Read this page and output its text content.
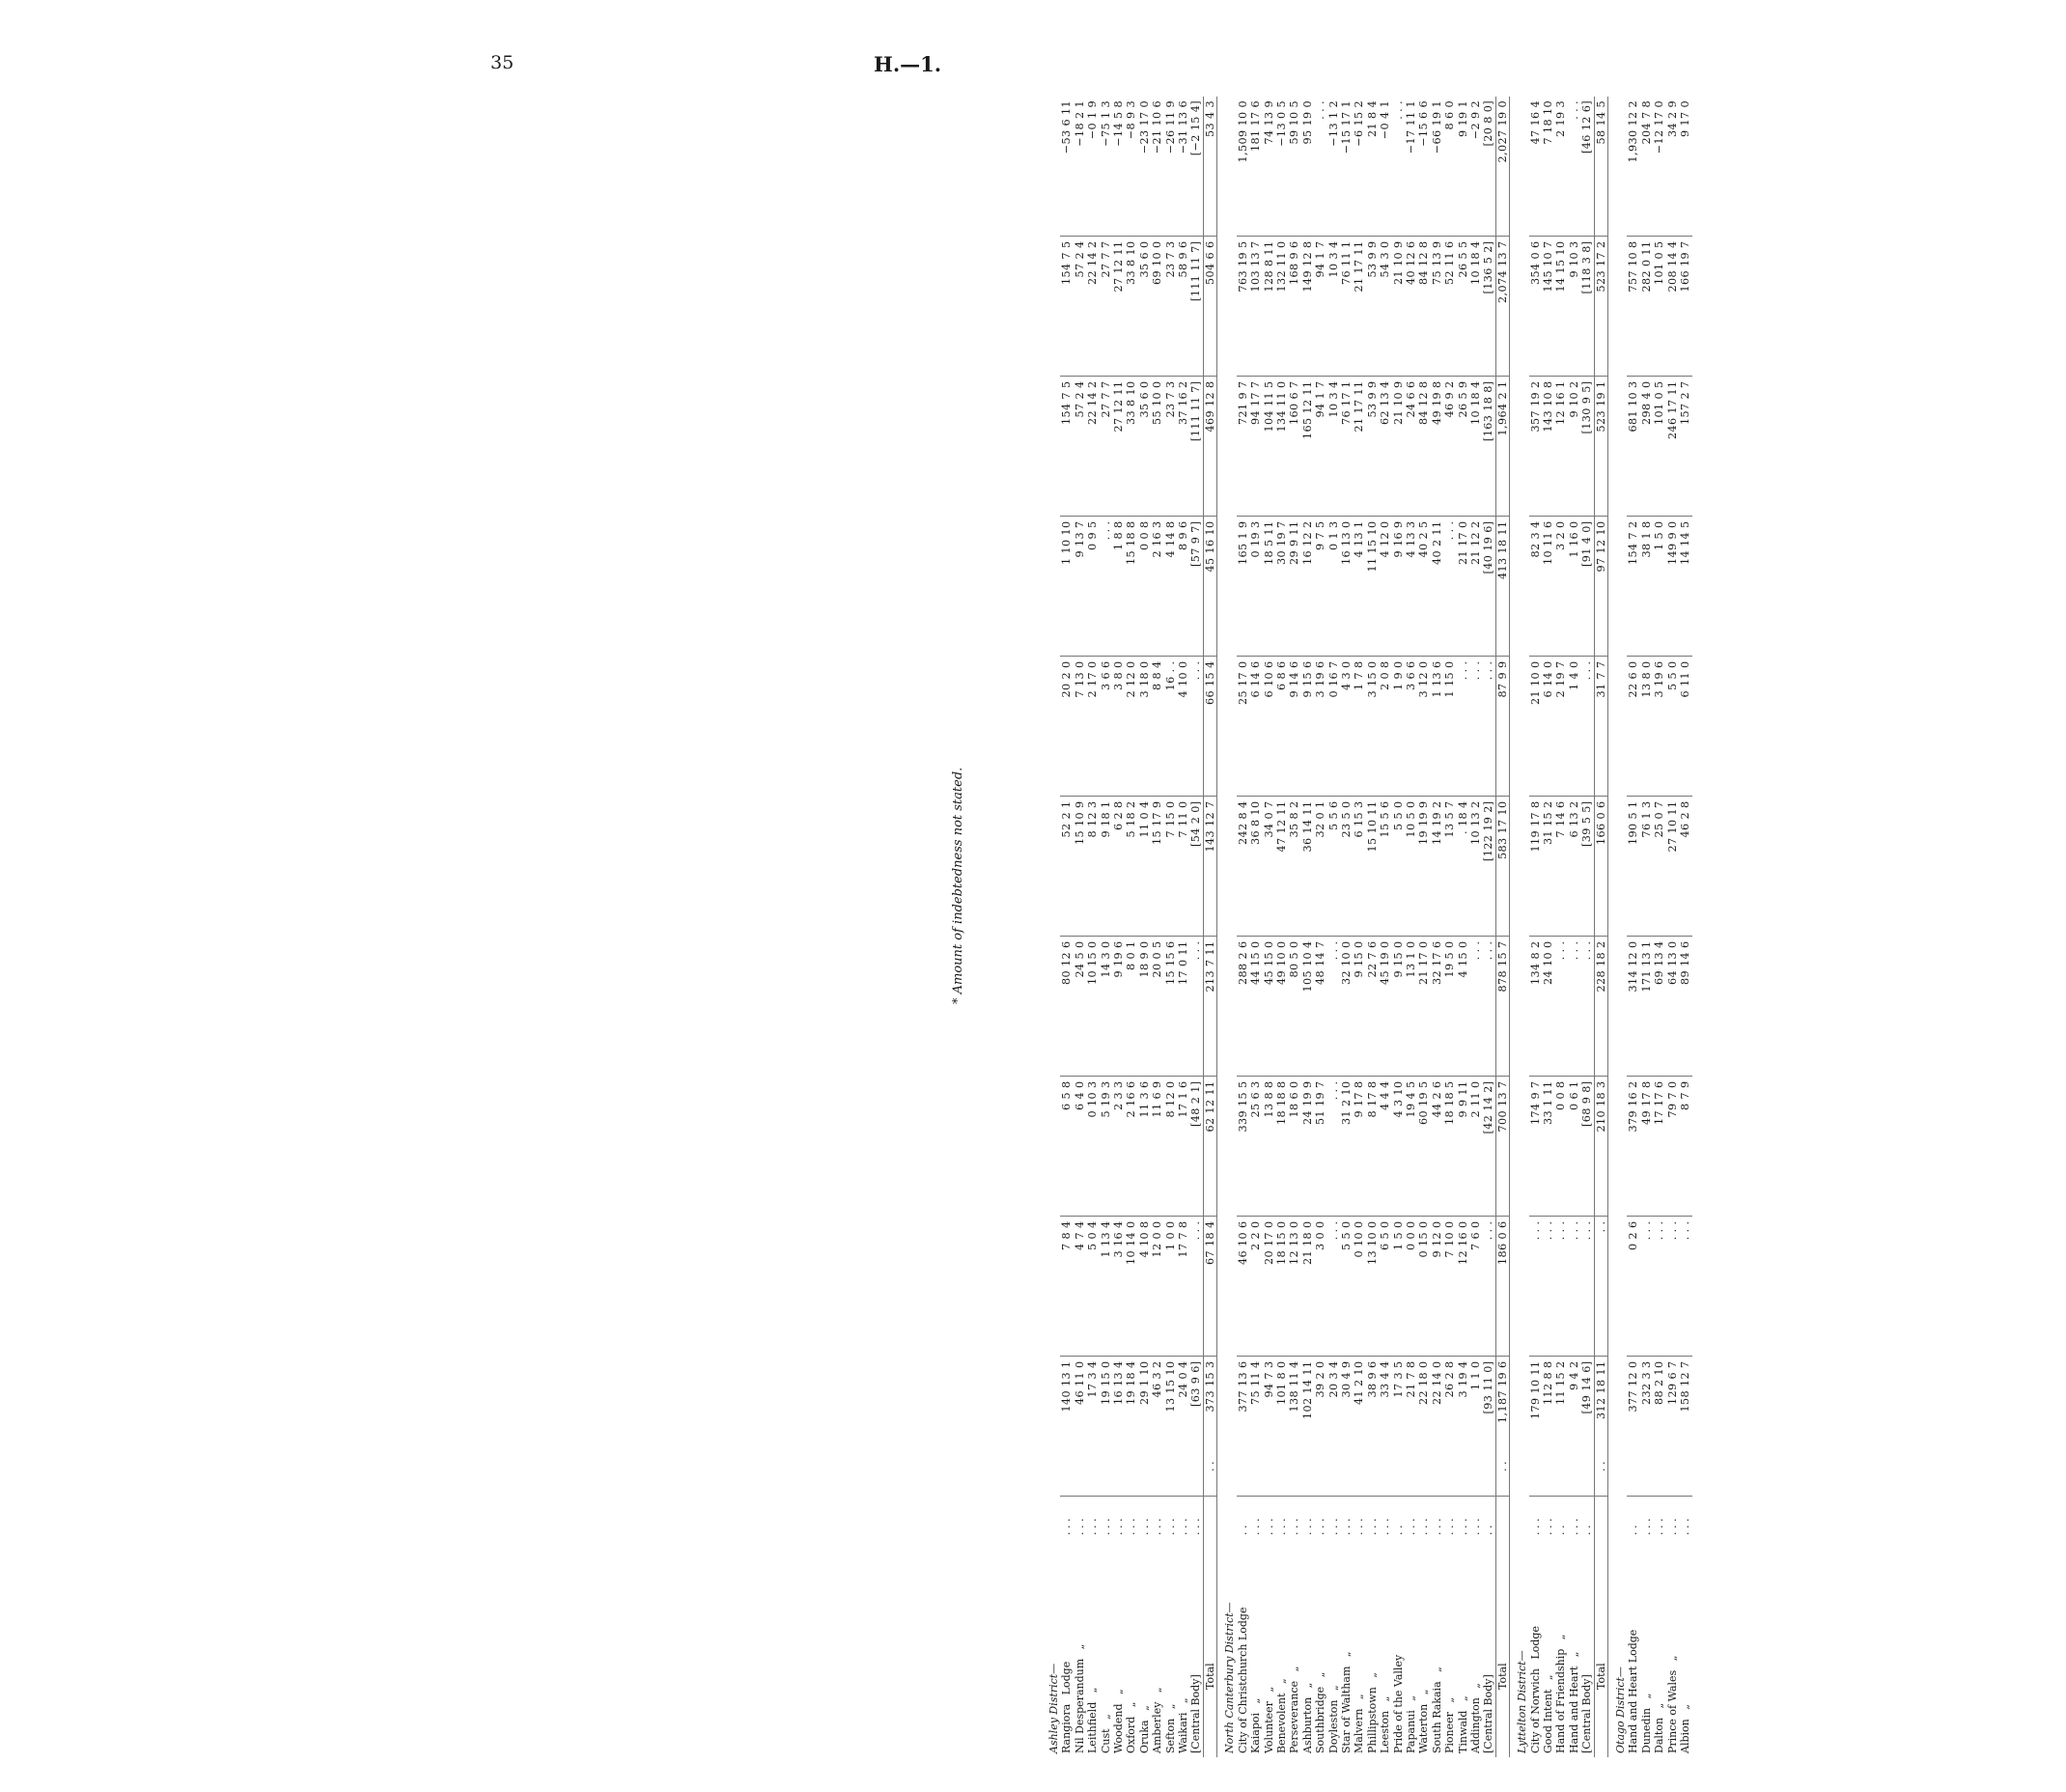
35	H.—1.
* Amount of indebtedness not stated.
Ashley District—											
Rangiora Lodge	. . .	140 13 1	7 8 4	6 5 8	80 12 6	52 2 1	20 2 0	1 10 10	154 7 5	154 7 5	−53 6 11
Nil Desperandum „	. . .	46 11 0	4 7 4	6 4 0	24 5 0	15 10 9	7 13 0	9 13 7	57 2 4	57 2 4	−18 2 1
Leithfield „	. . .	17 3 4	5 0 4	0 10 3	10 15 0	8 12 3	2 17 0	0 9 5	22 14 2	22 14 2	−0 1 9
Cust „	. . .	19 15 0	1 13 4	5 19 3	14 3 0	9 18 1	3 6 6	. . .	27 7 7	27 7 7	−75 1 3
Woodend „	. . .	16 13 4	3 16 4	2 3 3	9 19 6	6 2 8	3 8 0	1 8 8	27 12 11	27 12 11	−14 5 8
Oxford „	. . .	19 18 4	10 14 0	2 16 6	8 0 1	5 18 2	2 12 0	15 18 8	33 8 10	33 8 10	−8 9 3
Oruka „	. . .	29 1 10	4 10 8	11 3 6	18 9 0	11 0 4	3 18 0	0 0 8	35 6 0	35 6 0	−23 17 0
Amberley „	. . .	46 3 2	12 0 0	11 6 9	20 0 5	15 17 9	8 8 4	2 16 3	55 10 0	69 10 0	−21 10 6
Sefton „	. . .	13 15 10	1 0 0	8 12 0	15 15 6	7 15 0	16 . .	4 14 8	23 7 3	23 7 3	−26 11 9
Waikari „	. . .	24 0 4	17 7 8	17 1 6	17 0 11	7 11 0	4 10 0	8 9 6	37 16 2	58 9 6	−31 13 6
[Central Body]	. . .	[63 9 6]	. . .	[48 2 1]	. . .	[54 2 0]	. . .	[57 9 7]	[111 11 7]	[111 11 7]	[−2 15 4]
Total	. .	373 15 3	67 18 4	62 12 11	213 7 11	143 12 7	66 15 4	45 16 10	469 12 8	504 6 6	53 4 3

North Canterbury District—											
City of Christchurch Lodge	. .	377 13 6	46 10 6	339 15 5	288 2 6	242 8 4	25 17 0	165 1 9	721 9 7	763 19 5	1,509 10 0
Kaiapoi „	. . .	75 11 4	2 2 0	25 6 3	44 15 0	36 8 10	6 14 6	0 19 3	94 17 7	103 13 7	181 17 6
Volunteer „	. . .	94 7 3	20 17 0	13 8 8	45 15 0	34 0 7	6 10 6	18 5 11	104 11 5	128 8 11	74 13 9
Benevolent „	. . .	101 8 0	18 15 0	18 18 8	49 10 0	47 12 11	6 8 6	30 19 7	134 11 0	132 11 0	−13 0 5
Perseverance „	. . .	138 11 4	12 13 0	18 6 0	80 5 0	35 8 2	9 14 6	29 9 11	160 6 7	168 9 6	59 10 5
Ashburton „	. . .	102 14 11	21 18 0	24 19 9	105 10 4	36 14 11	9 15 6	16 12 2	165 12 11	149 12 8	95 19 0
Southbridge „	. . .	39 2 0	3 0 0	51 19 7	48 14 7	32 0 1	3 19 6	9 7 5	94 1 7	94 1 7	. . .
Doyleston „	. . .	20 3 4	. . .	. . .	. . .	5 5 6	0 16 7	0 1 3	10 3 4	10 3 4	−13 1 2
Star of Waltham „	. . .	30 4 9	5 5 0	31 2 10	32 10 0	23 5 0	4 3 0	16 13 0	76 17 1	76 11 1	−15 17 1
Malvern „	. . .	41 2 10	0 10 0	9 17 8	9 15 0	6 15 3	1 7 8	4 13 1	21 17 11	21 17 11	−6 15 2
Phillipstown „	. . .	38 9 6	13 10 0	8 17 8	22 7 6	15 10 11	3 15 0	11 15 10	53 9 9	53 9 9	21 8 4
Leeston „	. . .	33 4 4	6 5 0	4 4 4	45 19 0	15 5 6	2 0 8	4 12 0	62 13 4	54 3 0	−0 4 1
Pride of the Valley	. .	17 3 5	1 5 0	4 3 10	9 15 0	5 5 0	1 9 0	9 16 9	21 10 9	21 10 9	. . .
Papanui „	. . .	21 7 8	0 0 0	19 4 5	13 1 0	10 5 0	3 6 6	4 13 3	24 6 6	40 12 6	−17 11 1
Waterton „	. . .	22 18 0	0 15 0	60 19 5	21 17 0	19 19 9	3 12 0	40 2 5	84 12 8	84 12 8	−15 6 6
South Rakaia „	. . .	22 14 0	9 12 0	44 2 6	32 17 6	14 19 2	1 13 6	40 2 11	49 19 8	75 13 9	−66 19 1
Pioneer „	. . .	26 2 8	7 10 0	18 18 5	19 5 0	13 5 7	1 15 0	. . .	46 9 2	52 11 6	8 6 0
Tinwald „	. . .	3 19 4	12 16 0	9 9 11	4 15 0	. 18 4	. . .	21 17 0	26 5 9	26 5 5	9 19 1
Addington „	. . .	1 1 0	7 6 0	2 11 0	. . .	10 13 2	. . .	21 12 2	10 18 4	10 18 4	−2 9 2
[Central Body]	. .	[93 11 0]	. . .	[42 14 2]	. . .	[122 19 2]	. . .	[40 19 6]	[163 18 8]	[136 5 2]	[20 8 0]
Total	. .	1,187 19 6	186 0 6	700 13 7	878 15 7	583 17 10	87 9 9	413 18 11	1,964 2 1	2,074 13 7	2,027 19 0

Lyttelton District—											
City of Norwich Lodge	. . .	179 10 11	. . .	174 9 7	134 8 2	119 17 8	21 10 0	82 3 4	357 19 2	354 0 6	47 16 4
Good Intent „	. . .	112 8 8	. . .	33 1 11	24 10 0	31 15 2	6 14 0	10 11 6	143 10 8	145 10 7	7 18 10
Hand of Friendship „	. .	11 15 2	. . .	0 0 8	. . .	7 14 6	2 19 7	3 2 0	12 16 1	14 15 10	2 19 3
Hand and Heart „	. . .	9 4 2	. . .	0 6 1	. . .	6 13 2	1 4 0	1 16 0	9 10 2	9 10 3	. . .
[Central Body]	. .	[49 14 6]	. . .	[68 9 8]	. . .	[39 5 5]	. . .	[91 4 0]	[130 9 5]	[118 3 8]	[46 12 6]
Total	. .	312 18 11	. .	210 18 3	228 18 2	166 0 6	31 7 7	97 12 10	523 19 1	523 17 2	58 14 5

Otago District—											
Hand and Heart Lodge	. .	377 12 0	0 2 6	379 16 2	314 12 0	190 5 1	22 6 0	154 7 2	681 10 3	757 10 8	1,930 12 2
Dunedin „	. . .	232 3 3	. . .	49 17 8	171 13 1	76 1 3	13 8 0	38 1 8	298 4 0	282 0 11	204 7 8
Dalton „	. . .	88 2 10	. . .	17 17 6	69 13 4	25 0 7	3 19 6	1 5 0	101 0 5	101 0 5	−12 17 0
Prince of Wales „	. . .	129 6 7	. . .	79 7 0	64 13 0	27 10 11	5 5 0	149 9 0	246 17 11	208 14 4	34 2 9
Albion „	. . .	158 12 7	. . .	8 7 9	89 14 6	46 2 8	6 11 0	14 14 5	157 2 7	166 19 7	9 17 0
